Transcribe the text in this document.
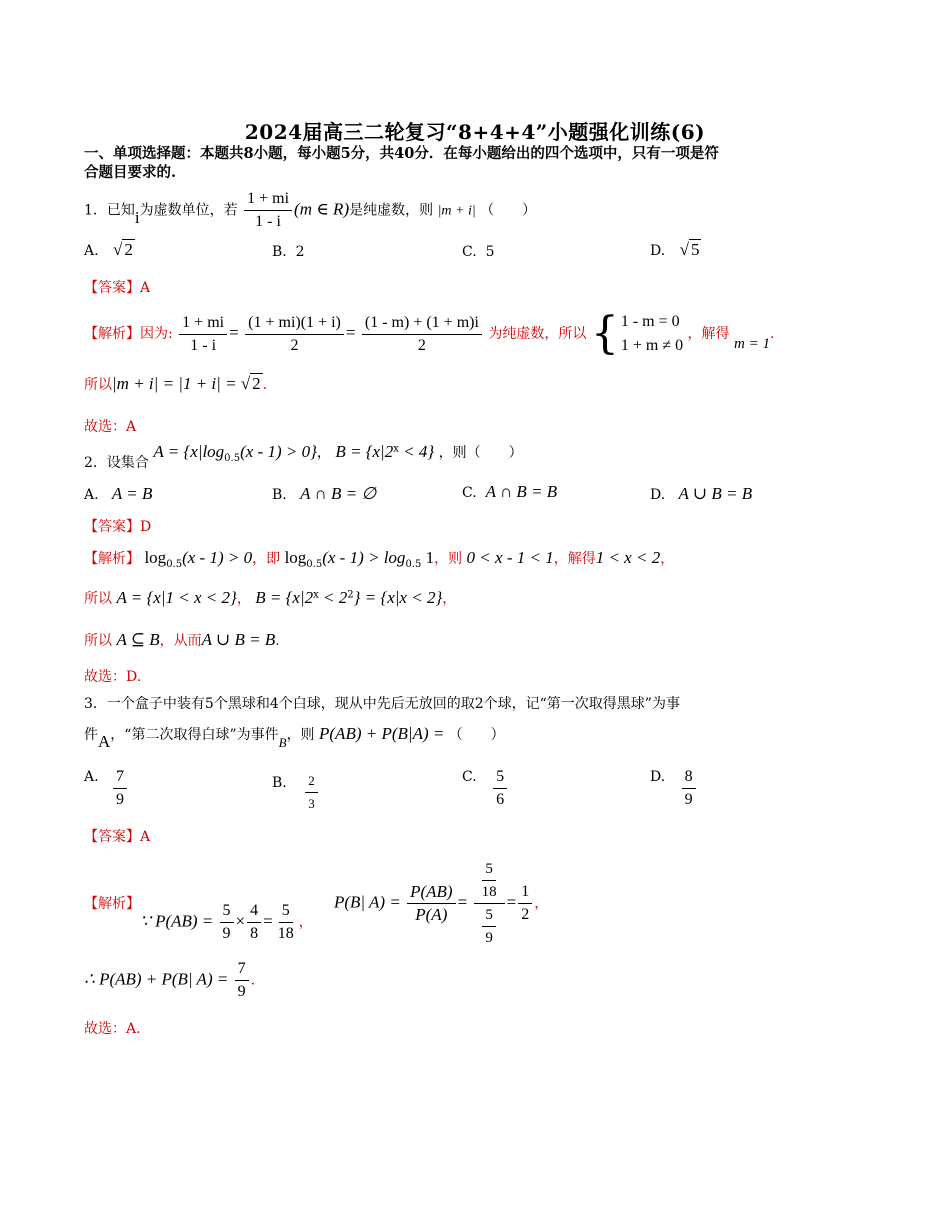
2024届高三二轮复习“8+4+4”小题强化训练(6)
一、单项选择题：本题共8小题，每小题5分，共40分．在每小题给出的四个选项中，只有一项是符
合题目要求的.
1．已知i为虚数单位，若 $\frac{1 + mi}{1 - i} (m$ ∈ R)是纯虚数，则 |m + i| （　　）
A. √ 2	B. 2	C. 5	D. √ 5
【答案】A
【解析】因为: $\frac{1 + mi}{1 - i} = \frac{(1 + mi)(1 + i)}{2} = \frac{(1 - m) + (1 + m)i}{2}$ 为纯虚数，所以 { 1 - m = 0
1 + m ≠ 0
，解得 m = 1.
所以|m + i| = |1 + i| = √ 2 .
故选：A
2．设集合 $A = \{x|\log_{0.5}(x - 1) > 0\}$， $B = \{x|2^x < 4\}$ ，则（　　）
A. A = B	B. A ∩ B = ∅	C. A ∩ B = B	D. A ∪ B = B
【答案】D
【解析】 $\log_{0.5}(x - 1) > 0$，即 $\log_{0.5}(x - 1) > \log_{0.5} 1$，则 0 < x - 1 < 1，解得1 < x < 2，
所以 A = {x|1 < x < 2}， $B = \{x|2^x < 2^2\} = \{x|x < 2\}$，
所以 A ⊆ B，从而A ∪ B = B.
故选：D.
3．一个盒子中装有5个黑球和4个白球，现从中先后无放回的取2个球，记“第一次取得黑球”为事
件A，“第二次取得白球”为事件B，则 P(AB) + P(B|A) = （　　）
A. $\frac{7}{9}$	B. $\frac{2}{3}$	C. $\frac{5}{6}$	D. $\frac{8}{9}$
【答案】A
【解析】
∵ $P(AB) = \frac{5}{9} \times \frac{4}{8} = \frac{5}{18}$ ，
P(B| $A) = \frac{P(AB)}{P(A)} = \frac{\frac{5}{18}}{\frac{5}{9}} = \frac{1}{2}$ ，
∴ P(AB) + P(B| $A) = \frac{7}{9}$ .
故选：A.
